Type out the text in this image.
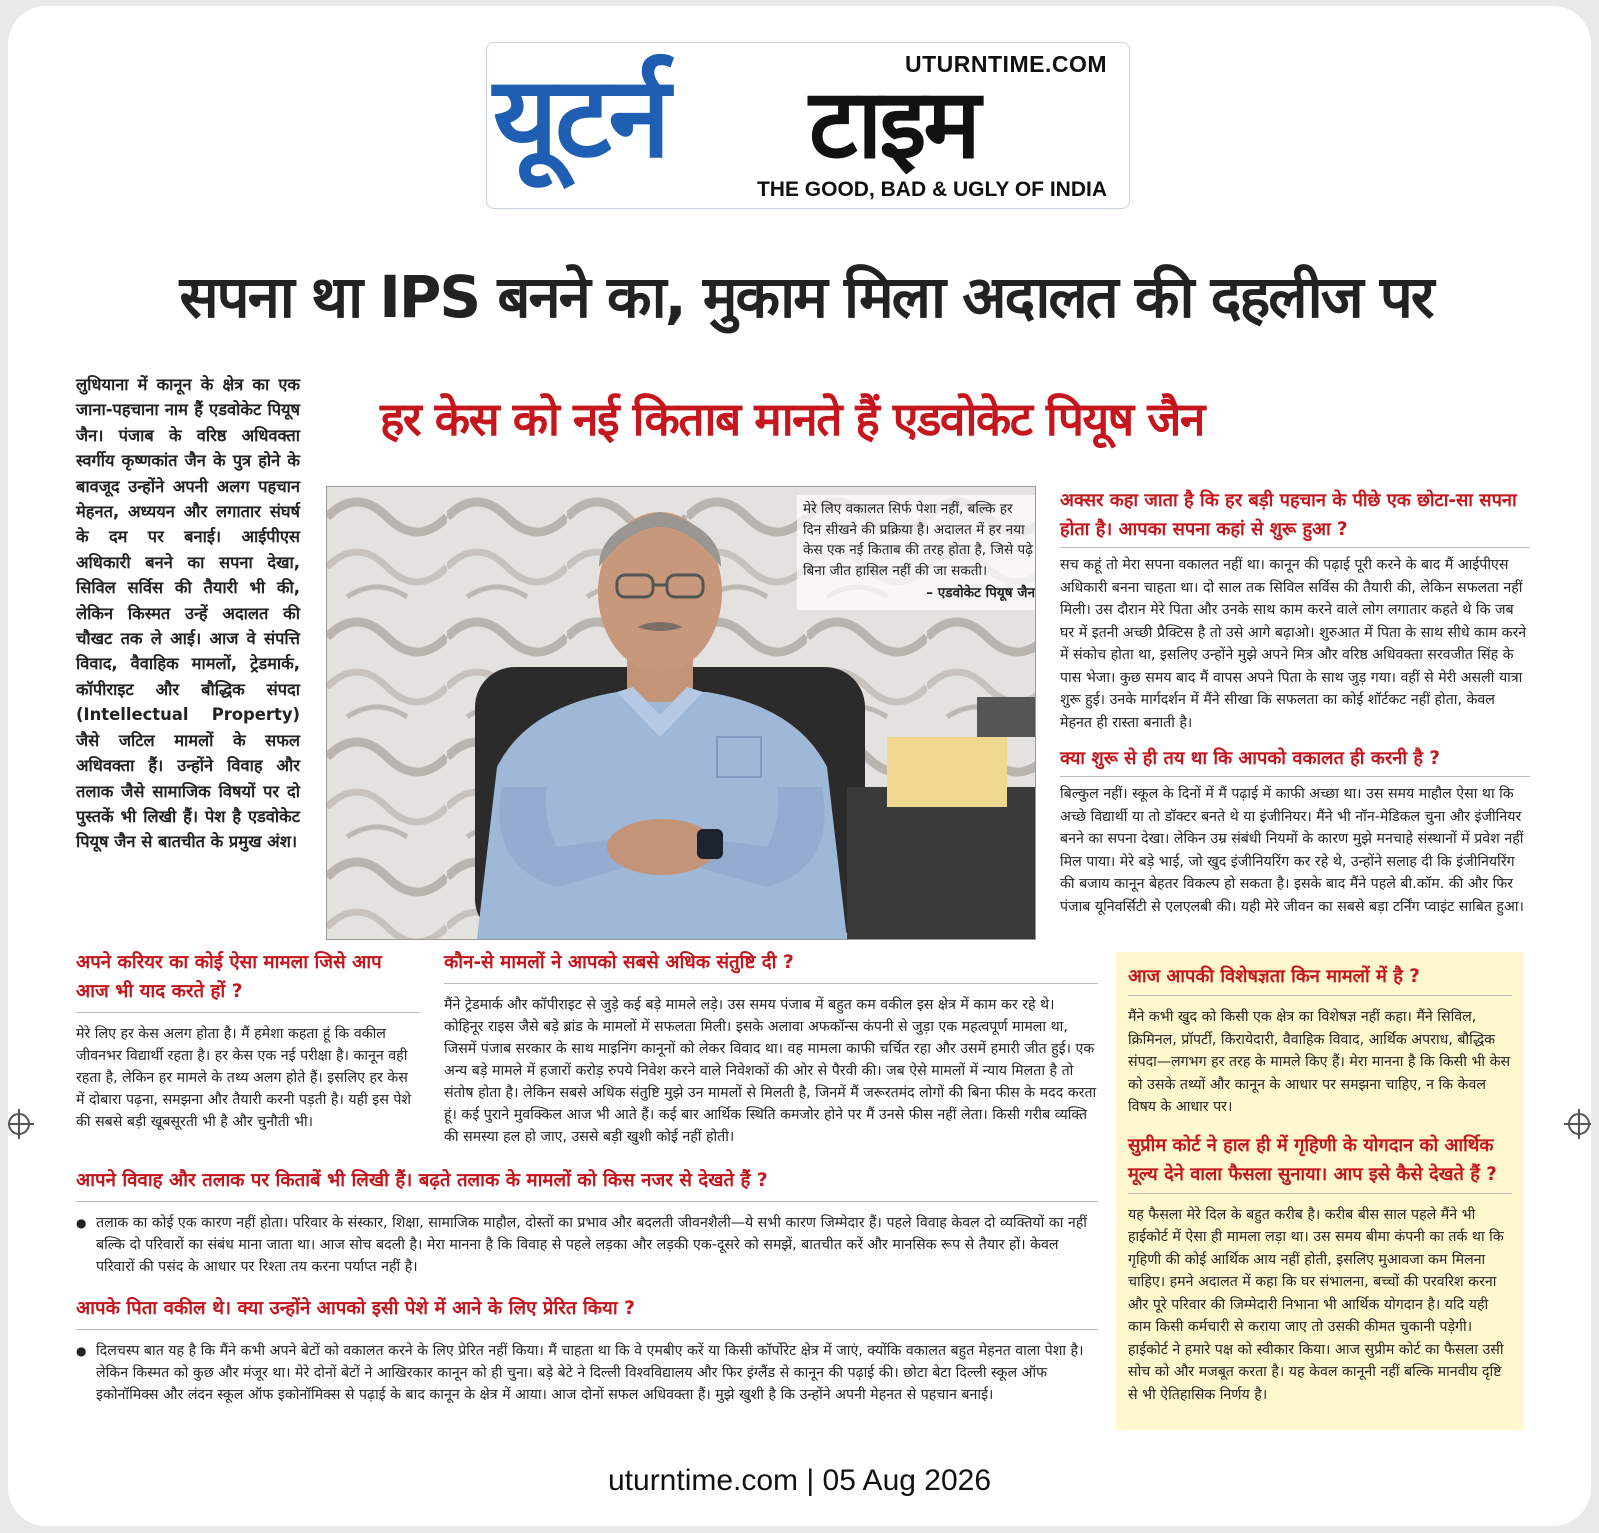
यूटर्न टाइम
UTURNTIME.COM
THE GOOD, BAD & UGLY OF INDIA
सपना था IPS बनने का, मुकाम मिला अदालत की दहलीज पर
हर केस को नई किताब मानते हैं एडवोकेट पियूष जैन
लुधियाना में कानून के क्षेत्र का एक जाना-पहचाना नाम हैं एडवोकेट पियूष जैन। पंजाब के वरिष्ठ अधिवक्ता स्वर्गीय कृष्णकांत जैन के पुत्र होने के बावजूद उन्होंने अपनी अलग पहचान मेहनत, अध्ययन और लगातार संघर्ष के दम पर बनाई। आईपीएस अधिकारी बनने का सपना देखा, सिविल सर्विस की तैयारी भी की, लेकिन किस्मत उन्हें अदालत की चौखट तक ले आई। आज वे संपत्ति विवाद, वैवाहिक मामलों, ट्रेडमार्क, कॉपीराइट और बौद्धिक संपदा (Intellectual Property) जैसे जटिल मामलों के सफल अधिवक्ता हैं। उन्होंने विवाह और तलाक जैसे सामाजिक विषयों पर दो पुस्तकें भी लिखी हैं। पेश है एडवोकेट पियूष जैन से बातचीत के प्रमुख अंश।
मेरे लिए वकालत सिर्फ पेशा नहीं, बल्कि हर दिन सीखने की प्रक्रिया है। अदालत में हर नया केस एक नई किताब की तरह होता है, जिसे पढ़े बिना जीत हासिल नहीं की जा सकती।
– एडवोकेट पियूष जैन
अक्सर कहा जाता है कि हर बड़ी पहचान के पीछे एक छोटा-सा सपना होता है। आपका सपना कहां से शुरू हुआ ?
सच कहूं तो मेरा सपना वकालत नहीं था। कानून की पढ़ाई पूरी करने के बाद मैं आईपीएस अधिकारी बनना चाहता था। दो साल तक सिविल सर्विस की तैयारी की, लेकिन सफलता नहीं मिली। उस दौरान मेरे पिता और उनके साथ काम करने वाले लोग लगातार कहते थे कि जब घर में इतनी अच्छी प्रैक्टिस है तो उसे आगे बढ़ाओ। शुरुआत में पिता के साथ सीधे काम करने में संकोच होता था, इसलिए उन्होंने मुझे अपने मित्र और वरिष्ठ अधिवक्ता सरवजीत सिंह के पास भेजा। कुछ समय बाद मैं वापस अपने पिता के साथ जुड़ गया। वहीं से मेरी असली यात्रा शुरू हुई। उनके मार्गदर्शन में मैंने सीखा कि सफलता का कोई शॉर्टकट नहीं होता, केवल मेहनत ही रास्ता बनाती है।
क्या शुरू से ही तय था कि आपको वकालत ही करनी है ?
बिल्कुल नहीं। स्कूल के दिनों में मैं पढ़ाई में काफी अच्छा था। उस समय माहौल ऐसा था कि अच्छे विद्यार्थी या तो डॉक्टर बनते थे या इंजीनियर। मैंने भी नॉन-मेडिकल चुना और इंजीनियर बनने का सपना देखा। लेकिन उम्र संबंधी नियमों के कारण मुझे मनचाहे संस्थानों में प्रवेश नहीं मिल पाया। मेरे बड़े भाई, जो खुद इंजीनियरिंग कर रहे थे, उन्होंने सलाह दी कि इंजीनियरिंग की बजाय कानून बेहतर विकल्प हो सकता है। इसके बाद मैंने पहले बी.कॉम. की और फिर पंजाब यूनिवर्सिटी से एलएलबी की। यही मेरे जीवन का सबसे बड़ा टर्निंग प्वाइंट साबित हुआ।
अपने करियर का कोई ऐसा मामला जिसे आप आज भी याद करते हों ?
मेरे लिए हर केस अलग होता है। मैं हमेशा कहता हूं कि वकील जीवनभर विद्यार्थी रहता है। हर केस एक नई परीक्षा है। कानून वही रहता है, लेकिन हर मामले के तथ्य अलग होते हैं। इसलिए हर केस में दोबारा पढ़ना, समझना और तैयारी करनी पड़ती है। यही इस पेशे की सबसे बड़ी खूबसूरती भी है और चुनौती भी।
कौन-से मामलों ने आपको सबसे अधिक संतुष्टि दी ?
मैंने ट्रेडमार्क और कॉपीराइट से जुड़े कई बड़े मामले लड़े। उस समय पंजाब में बहुत कम वकील इस क्षेत्र में काम कर रहे थे। कोहिनूर राइस जैसे बड़े ब्रांड के मामलों में सफलता मिली। इसके अलावा अफकॉन्स कंपनी से जुड़ा एक महत्वपूर्ण मामला था, जिसमें पंजाब सरकार के साथ माइनिंग कानूनों को लेकर विवाद था। वह मामला काफी चर्चित रहा और उसमें हमारी जीत हुई। एक अन्य बड़े मामले में हजारों करोड़ रुपये निवेश करने वाले निवेशकों की ओर से पैरवी की। जब ऐसे मामलों में न्याय मिलता है तो संतोष होता है। लेकिन सबसे अधिक संतुष्टि मुझे उन मामलों से मिलती है, जिनमें मैं जरूरतमंद लोगों की बिना फीस के मदद करता हूं। कई पुराने मुवक्किल आज भी आते हैं। कई बार आर्थिक स्थिति कमजोर होने पर मैं उनसे फीस नहीं लेता। किसी गरीब व्यक्ति की समस्या हल हो जाए, उससे बड़ी खुशी कोई नहीं होती।
आपने विवाह और तलाक पर किताबें भी लिखी हैं। बढ़ते तलाक के मामलों को किस नजर से देखते हैं ?
● तलाक का कोई एक कारण नहीं होता। परिवार के संस्कार, शिक्षा, सामाजिक माहौल, दोस्तों का प्रभाव और बदलती जीवनशैली—ये सभी कारण जिम्मेदार हैं। पहले विवाह केवल दो व्यक्तियों का नहीं बल्कि दो परिवारों का संबंध माना जाता था। आज सोच बदली है। मेरा मानना है कि विवाह से पहले लड़का और लड़की एक-दूसरे को समझें, बातचीत करें और मानसिक रूप से तैयार हों। केवल परिवारों की पसंद के आधार पर रिश्ता तय करना पर्याप्त नहीं है।
आपके पिता वकील थे। क्या उन्होंने आपको इसी पेशे में आने के लिए प्रेरित किया ?
● दिलचस्प बात यह है कि मैंने कभी अपने बेटों को वकालत करने के लिए प्रेरित नहीं किया। मैं चाहता था कि वे एमबीए करें या किसी कॉर्पोरेट क्षेत्र में जाएं, क्योंकि वकालत बहुत मेहनत वाला पेशा है। लेकिन किस्मत को कुछ और मंजूर था। मेरे दोनों बेटों ने आखिरकार कानून को ही चुना। बड़े बेटे ने दिल्ली विश्वविद्यालय और फिर इंग्लैंड से कानून की पढ़ाई की। छोटा बेटा दिल्ली स्कूल ऑफ इकोनॉमिक्स और लंदन स्कूल ऑफ इकोनॉमिक्स से पढ़ाई के बाद कानून के क्षेत्र में आया। आज दोनों सफल अधिवक्ता हैं। मुझे खुशी है कि उन्होंने अपनी मेहनत से पहचान बनाई।
आज आपकी विशेषज्ञता किन मामलों में है ?
मैंने कभी खुद को किसी एक क्षेत्र का विशेषज्ञ नहीं कहा। मैंने सिविल, क्रिमिनल, प्रॉपर्टी, किरायेदारी, वैवाहिक विवाद, आर्थिक अपराध, बौद्धिक संपदा—लगभग हर तरह के मामले किए हैं। मेरा मानना है कि किसी भी केस को उसके तथ्यों और कानून के आधार पर समझना चाहिए, न कि केवल विषय के आधार पर।
सुप्रीम कोर्ट ने हाल ही में गृहिणी के योगदान को आर्थिक मूल्य देने वाला फैसला सुनाया। आप इसे कैसे देखते हैं ?
यह फैसला मेरे दिल के बहुत करीब है। करीब बीस साल पहले मैंने भी हाईकोर्ट में ऐसा ही मामला लड़ा था। उस समय बीमा कंपनी का तर्क था कि गृहिणी की कोई आर्थिक आय नहीं होती, इसलिए मुआवजा कम मिलना चाहिए। हमने अदालत में कहा कि घर संभालना, बच्चों की परवरिश करना और पूरे परिवार की जिम्मेदारी निभाना भी आर्थिक योगदान है। यदि यही काम किसी कर्मचारी से कराया जाए तो उसकी कीमत चुकानी पड़ेगी। हाईकोर्ट ने हमारे पक्ष को स्वीकार किया। आज सुप्रीम कोर्ट का फैसला उसी सोच को और मजबूत करता है। यह केवल कानूनी नहीं बल्कि मानवीय दृष्टि से भी ऐतिहासिक निर्णय है।
uturntime.com | 05 Aug 2026
